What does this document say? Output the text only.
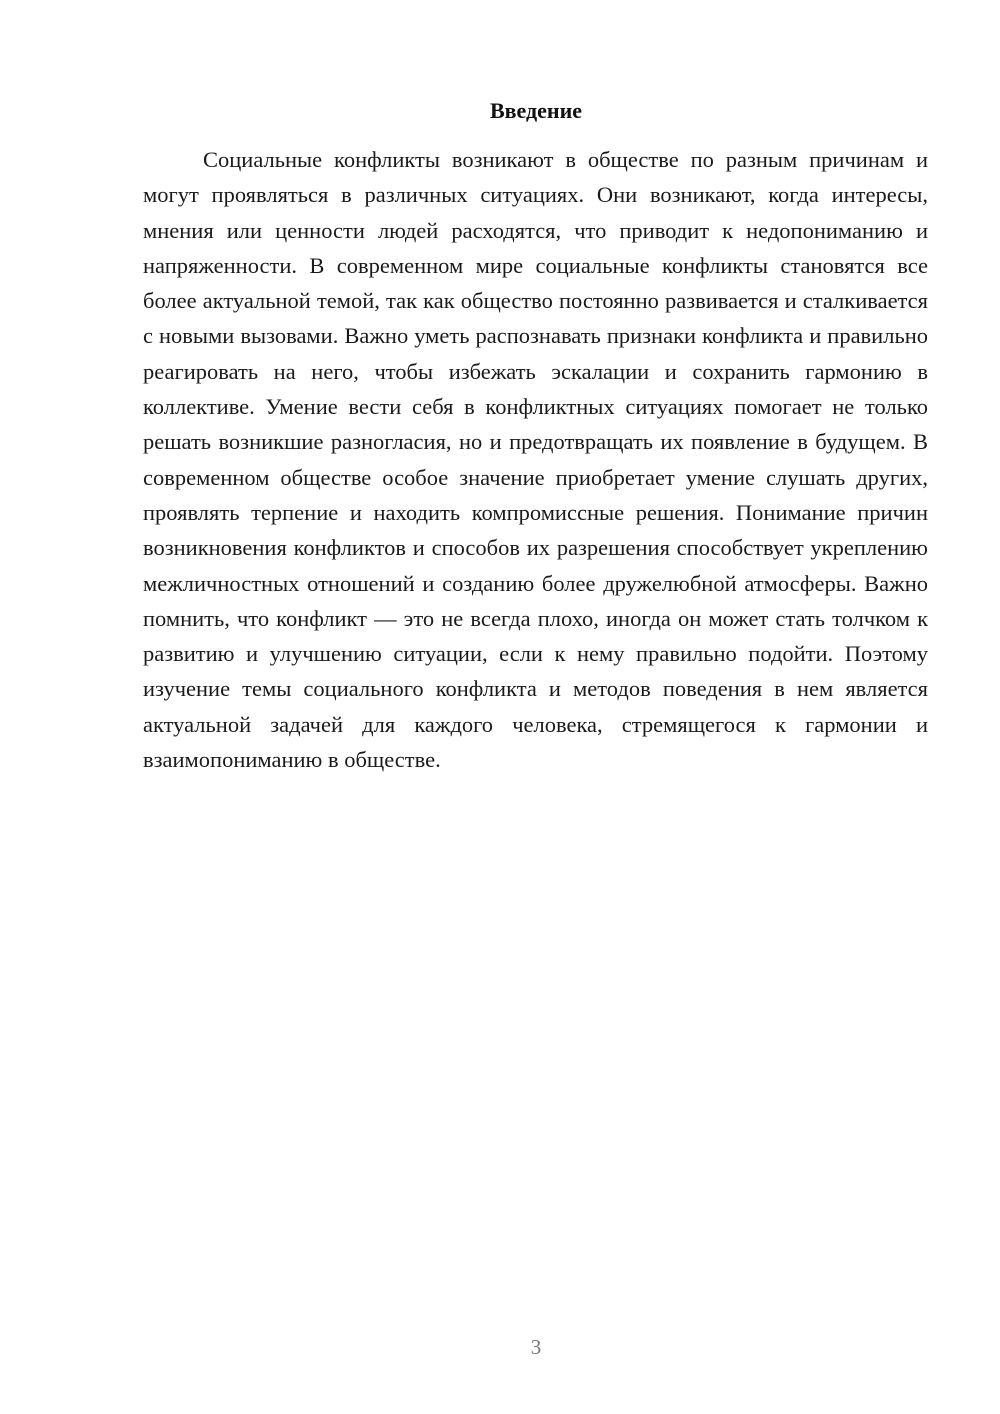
Введение

Социальные конфликты возникают в обществе по разным причинам и могут проявляться в различных ситуациях. Они возникают, когда интересы, мнения или ценности людей расходятся, что приводит к недопониманию и напряженности. В современном мире социальные конфликты становятся все более актуальной темой, так как общество постоянно развивается и сталкивается с новыми вызовами. Важно уметь распознавать признаки конфликта и правильно реагировать на него, чтобы избежать эскалации и сохранить гармонию в коллективе. Умение вести себя в конфликтных ситуациях помогает не только решать возникшие разногласия, но и предотвращать их появление в будущем. В современном обществе особое значение приобретает умение слушать других, проявлять терпение и находить компромиссные решения. Понимание причин возникновения конфликтов и способов их разрешения способствует укреплению межличностных отношений и созданию более дружелюбной атмосферы. Важно помнить, что конфликт — это не всегда плохо, иногда он может стать толчком к развитию и улучшению ситуации, если к нему правильно подойти. Поэтому изучение темы социального конфликта и методов поведения в нем является актуальной задачей для каждого человека, стремящегося к гармонии и взаимопониманию в обществе.

3
